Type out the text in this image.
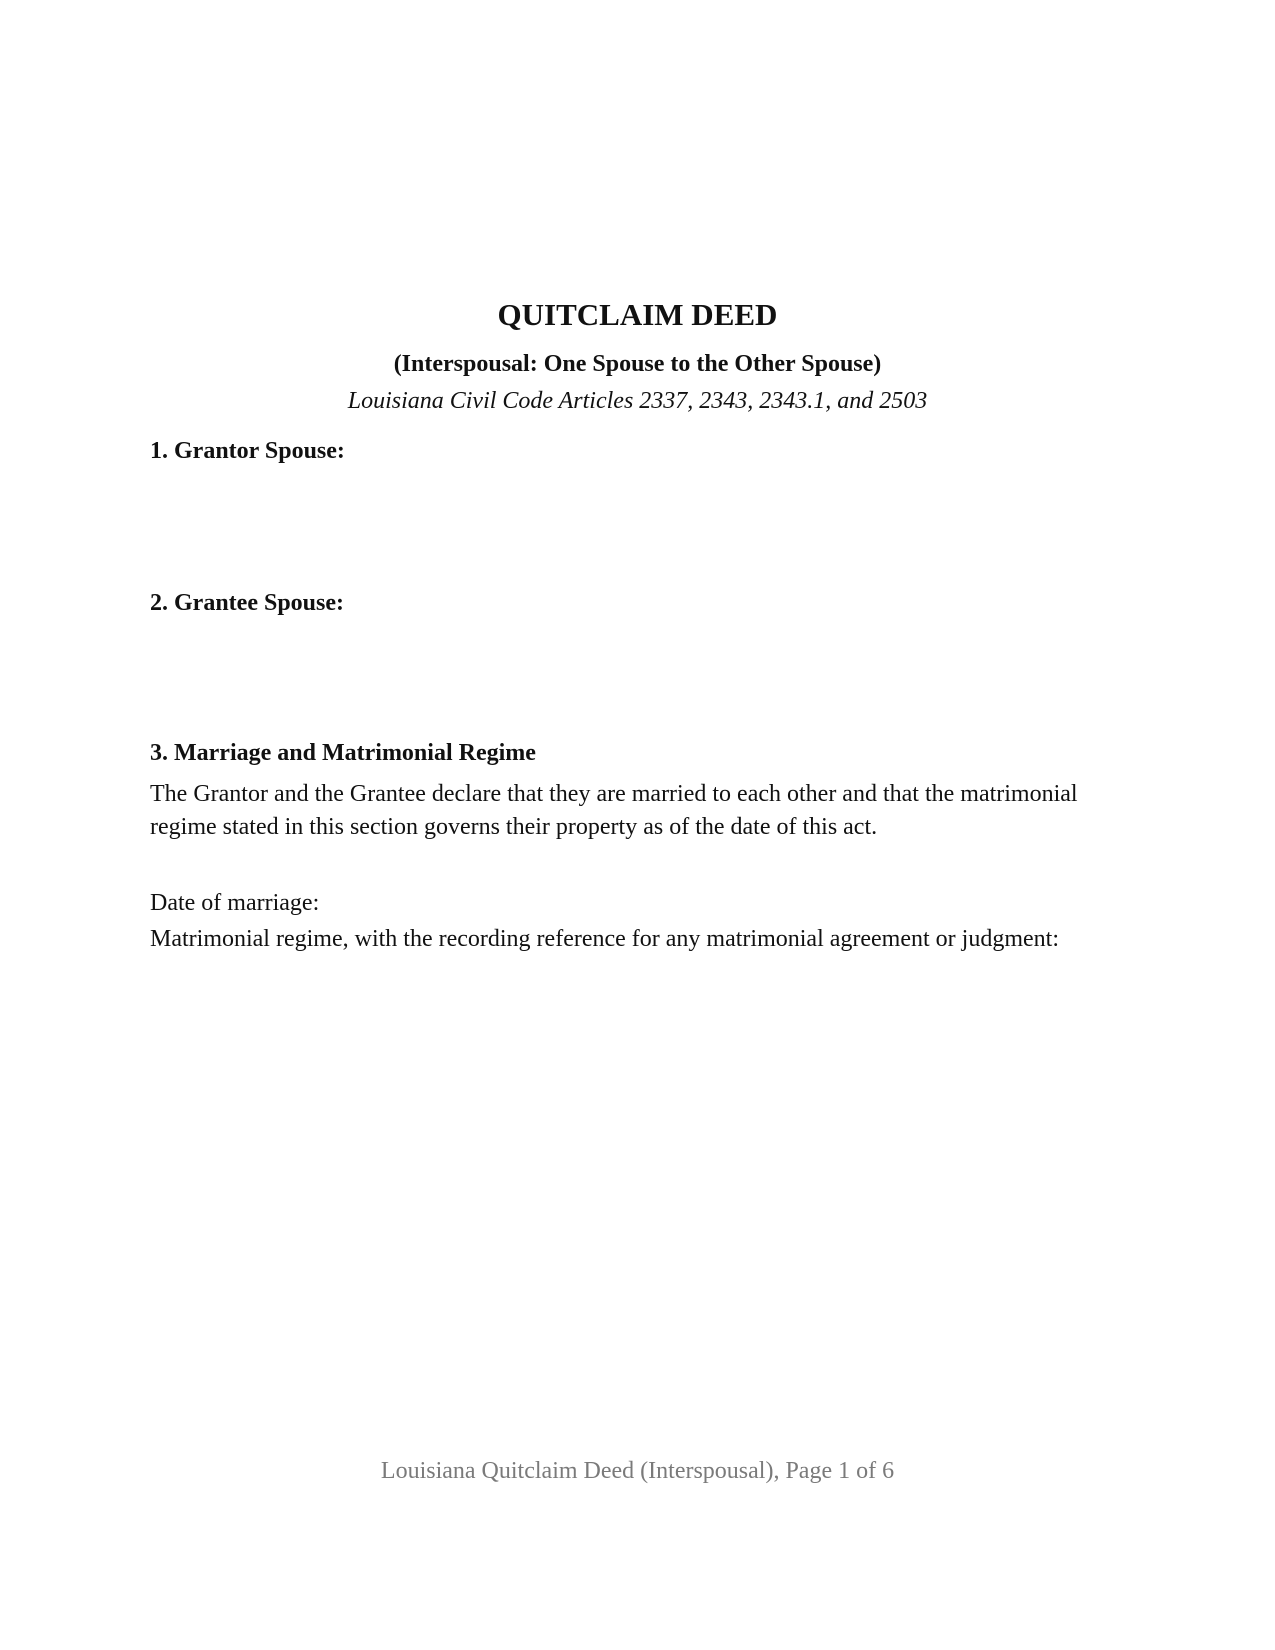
QUITCLAIM DEED
(Interspousal: One Spouse to the Other Spouse)
Louisiana Civil Code Articles 2337, 2343, 2343.1, and 2503
1. Grantor Spouse:
2. Grantee Spouse:
3. Marriage and Matrimonial Regime

The Grantor and the Grantee declare that they are married to each other and that the matrimonial regime stated in this section governs their property as of the date of this act.

Date of marriage:
Matrimonial regime, with the recording reference for any matrimonial agreement or judgment:
Louisiana Quitclaim Deed (Interspousal), Page 1 of 6
